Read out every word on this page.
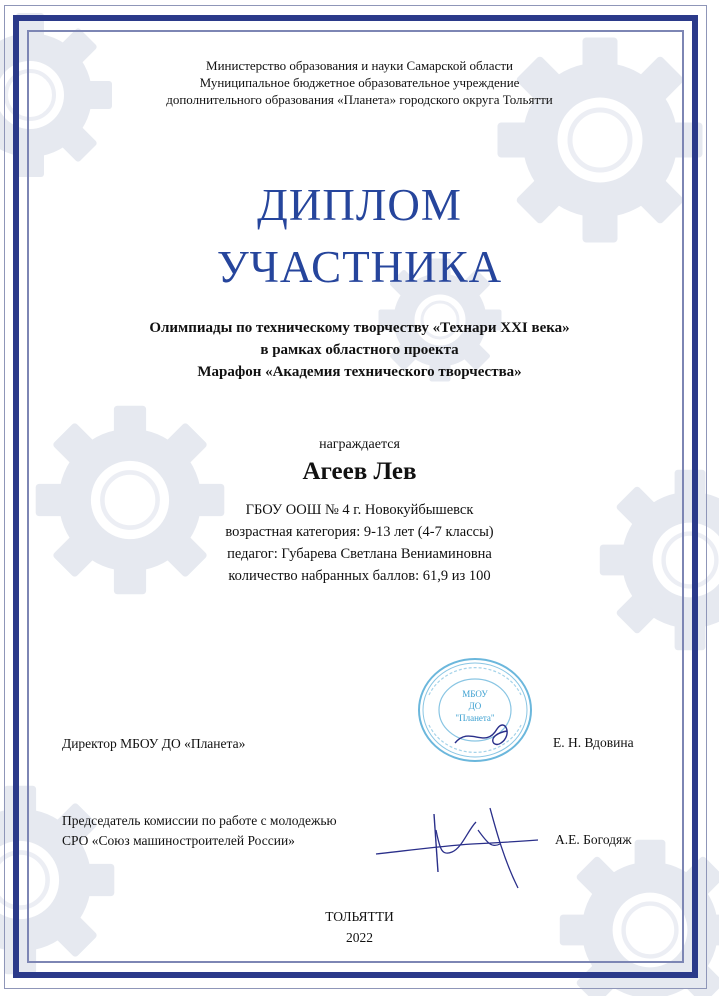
Министерство образования и науки Самарской области
Муниципальное бюджетное образовательное учреждение
дополнительного образовaния «Планета» городского округа Тольятти
ДИПЛОМ
УЧАСТНИКА
Олимпиады по техническому творчеству «Технари XXI века»
в рамках областного проекта
Марафон «Академия технического творчества»
награждается
Агеев Лев
ГБОУ ООШ № 4 г. Новокуйбышевск
возрастная категория: 9-13 лет (4-7 классы)
педагог: Губарева Светлана Вениаминовна
количество набранных баллов: 61,9 из 100
МБОУ
ДО
"Планета"
Директор МБОУ ДО «Планета»	Е. Н. Вдовина
Председатель комиссии по работе с молодежью
СРО «Союз машиностроителей России»	А.Е. Богодяж
ТОЛЬЯТТИ
2022
